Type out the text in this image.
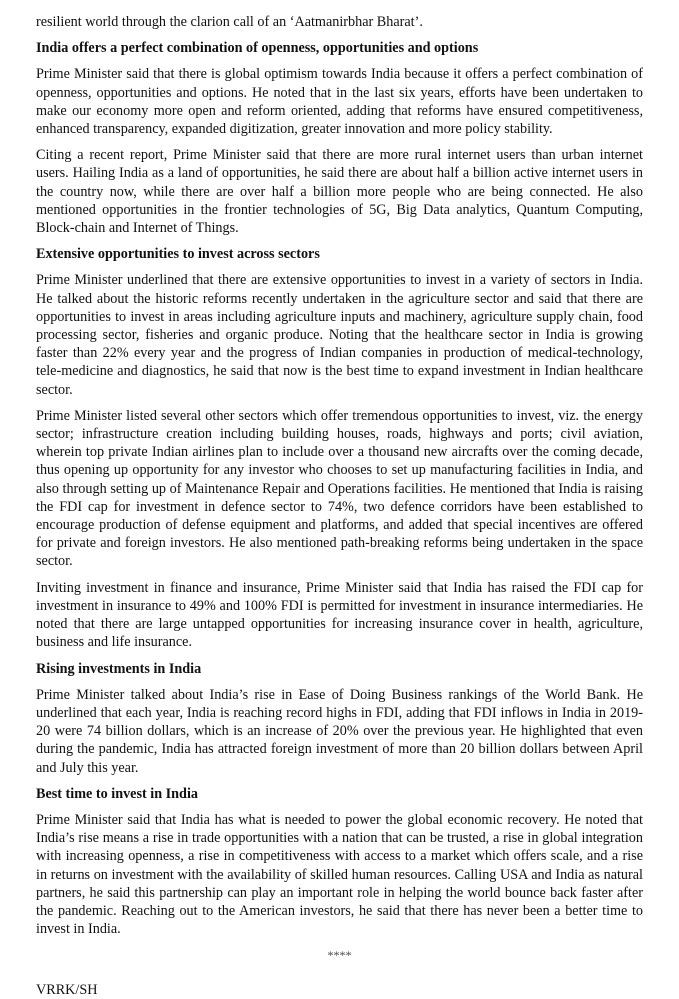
resilient world through the clarion call of an ‘Aatmanirbhar Bharat’.

India offers a perfect combination of openness, opportunities and options

Prime Minister said that there is global optimism towards India because it offers a perfect combination of openness, opportunities and options. He noted that in the last six years, efforts have been undertaken to make our economy more open and reform oriented, adding that reforms have ensured competitiveness, enhanced transparency, expanded digitization, greater innovation and more policy stability.

Citing a recent report, Prime Minister said that there are more rural internet users than urban internet users. Hailing India as a land of opportunities, he said there are about half a billion active internet users in the country now, while there are over half a billion more people who are being connected. He also mentioned opportunities in the frontier technologies of 5G, Big Data analytics, Quantum Computing, Block-chain and Internet of Things.

Extensive opportunities to invest across sectors

Prime Minister underlined that there are extensive opportunities to invest in a variety of sectors in India. He talked about the historic reforms recently undertaken in the agriculture sector and said that there are opportunities to invest in areas including agriculture inputs and machinery, agriculture supply chain, food processing sector, fisheries and organic produce. Noting that the healthcare sector in India is growing faster than 22% every year and the progress of Indian companies in production of medical-technology, tele-medicine and diagnostics, he said that now is the best time to expand investment in Indian healthcare sector.

Prime Minister listed several other sectors which offer tremendous opportunities to invest, viz. the energy sector; infrastructure creation including building houses, roads, highways and ports; civil aviation, wherein top private Indian airlines plan to include over a thousand new aircrafts over the coming decade, thus opening up opportunity for any investor who chooses to set up manufacturing facilities in India, and also through setting up of Maintenance Repair and Operations facilities. He mentioned that India is raising the FDI cap for investment in defence sector to 74%, two defence corridors have been established to encourage production of defense equipment and platforms, and added that special incentives are offered for private and foreign investors. He also mentioned path-breaking reforms being undertaken in the space sector.

Inviting investment in finance and insurance, Prime Minister said that India has raised the FDI cap for investment in insurance to 49% and 100% FDI is permitted for investment in insurance intermediaries. He noted that there are large untapped opportunities for increasing insurance cover in health, agriculture, business and life insurance.

Rising investments in India

Prime Minister talked about India’s rise in Ease of Doing Business rankings of the World Bank. He underlined that each year, India is reaching record highs in FDI, adding that FDI inflows in India in 2019-20 were 74 billion dollars, which is an increase of 20% over the previous year. He highlighted that even during the pandemic, India has attracted foreign investment of more than 20 billion dollars between April and July this year.

Best time to invest in India

Prime Minister said that India has what is needed to power the global economic recovery. He noted that India’s rise means a rise in trade opportunities with a nation that can be trusted, a rise in global integration with increasing openness, a rise in competitiveness with access to a market which offers scale, and a rise in returns on investment with the availability of skilled human resources. Calling USA and India as natural partners, he said this partnership can play an important role in helping the world bounce back faster after the pandemic. Reaching out to the American investors, he said that there has never been a better time to invest in India.

****

VRRK/SH
